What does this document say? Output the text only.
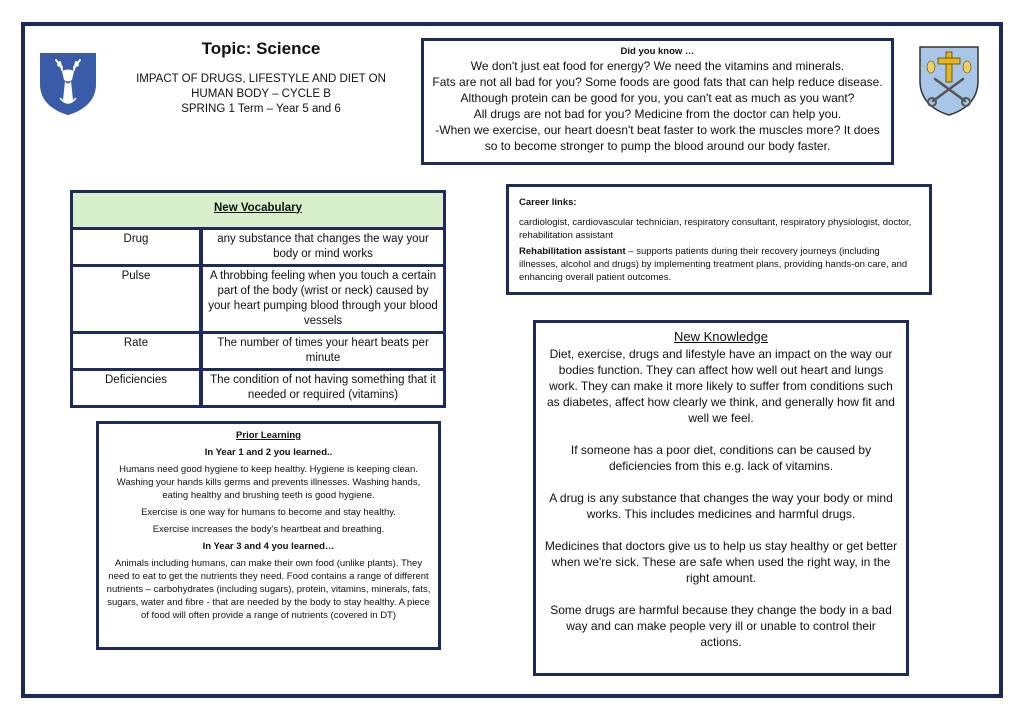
Topic: Science
IMPACT OF DRUGS, LIFESTYLE AND DIET ON
HUMAN BODY – CYCLE B
SPRING 1 Term – Year 5 and 6
Did you know …
We don't just eat food for energy? We need the vitamins and minerals.
Fats are not all bad for you? Some foods are good fats that can help reduce disease.
Although protein can be good for you, you can't eat as much as you want?
All drugs are not bad for you? Medicine from the doctor can help you.
-When we exercise, our heart doesn't beat faster to work the muscles more? It does
so to become stronger to pump the blood around our body faster.
New Vocabulary	
Drug	any substance that changes the way your body or mind works
Pulse	A throbbing feeling when you touch a certain part of the body (wrist or neck) caused by your heart pumping blood through your blood vessels
Rate	The number of times your heart beats per minute
Deficiencies	The condition of not having something that it needed or required (vitamins)
Prior Learning
In Year 1 and 2 you learned..

Humans need good hygiene to keep healthy. Hygiene is keeping clean. Washing your hands kills germs and prevents illnesses. Washing hands, eating healthy and brushing teeth is good hygiene.

Exercise is one way for humans to become and stay healthy.

Exercise increases the body's heartbeat and breathing.

In Year 3 and 4 you learned…

Animals including humans, can make their own food (unlike plants). They need to eat to get the nutrients they need. Food contains a range of different nutrients – carbohydrates (including sugars), protein, vitamins, minerals, fats, sugars, water and fibre - that are needed by the body to stay healthy. A piece of food will often provide a range of nutrients (covered in DT)

Career links:

cardiologist, cardiovascular technician, respiratory consultant, respiratory physiologist, doctor, rehabilitation assistant

Rehabilitation assistant – supports patients during their recovery journeys (including illnesses, alcohol and drugs) by implementing treatment plans, providing hands-on care, and enhancing overall patient outcomes.

New Knowledge

Diet, exercise, drugs and lifestyle have an impact on the way our bodies function. They can affect how well out heart and lungs work. They can make it more likely to suffer from conditions such as diabetes, affect how clearly we think, and generally how fit and well we feel.

If someone has a poor diet, conditions can be caused by deficiencies from this e.g. lack of vitamins.

A drug is any substance that changes the way your body or mind works. This includes medicines and harmful drugs.

Medicines that doctors give us to help us stay healthy or get better when we're sick. These are safe when used the right way, in the right amount.

Some drugs are harmful because they change the body in a bad way and can make people very ill or unable to control their actions.
